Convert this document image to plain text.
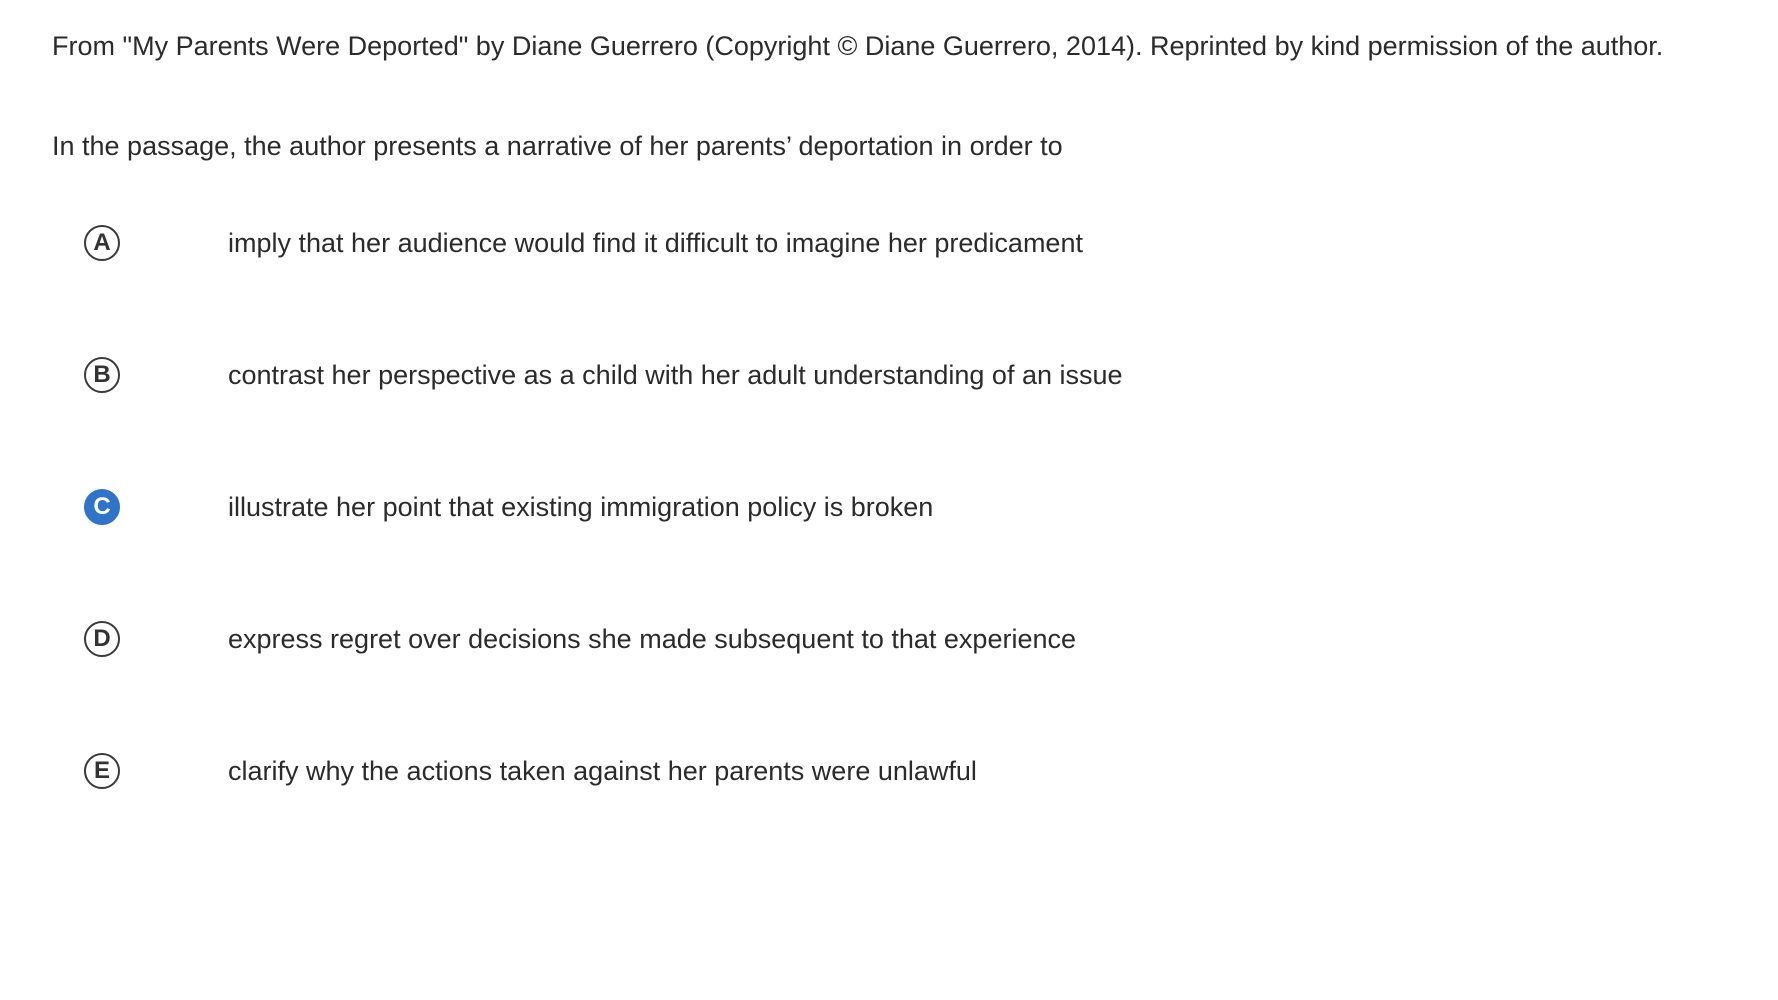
From "My Parents Were Deported" by Diane Guerrero (Copyright © Diane Guerrero, 2014). Reprinted by kind permission of the author.
In the passage, the author presents a narrative of her parents’ deportation in order to
A	imply that her audience would find it difficult to imagine her predicament
B	contrast her perspective as a child with her adult understanding of an issue
C	illustrate her point that existing immigration policy is broken
D	express regret over decisions she made subsequent to that experience
E	clarify why the actions taken against her parents were unlawful
